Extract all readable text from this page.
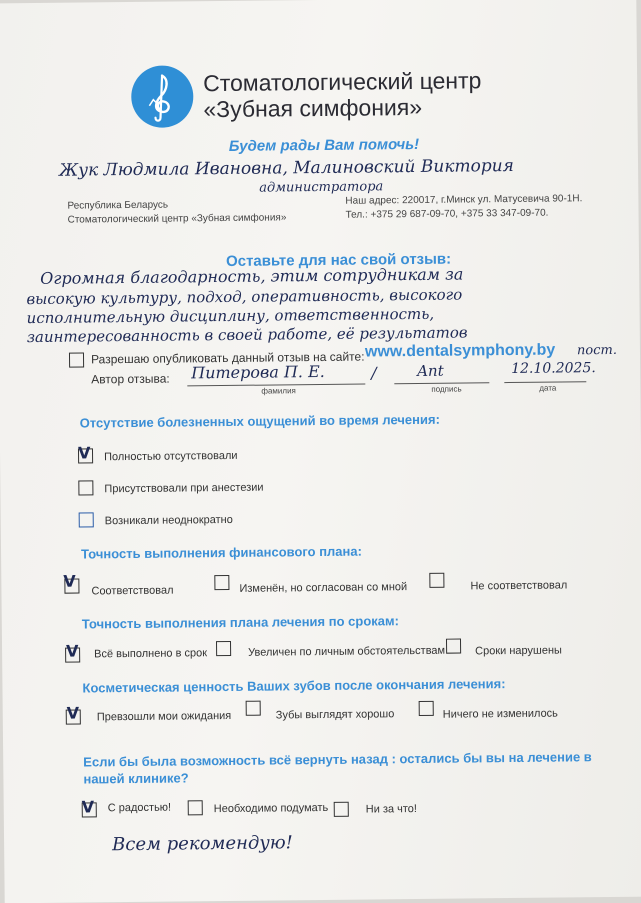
Стоматологический центр
«Зубная симфония»
Будем рады Вам помочь!
Жук Людмила Ивановна, Малиновский Виктория
администратора
Республика Беларусь
Стоматологический центр «Зубная симфония»
Наш адрес: 220017, г.Минск ул. Матусевича 90-1Н.
Тел.: +375 29 687-09-70, +375 33 347-09-70.
Оставьте для нас свой отзыв:
Огромная благодарность, этим сотрудникам за
высокую культуру, подход, оперативность, высокого
исполнительную дисциплину, ответственность,
заинтересованность в своей работе, её результатов
Разрешаю опубликовать данный отзыв на сайте: www.dentalsymphony.by пост.
Автор отзыва: Питерова П. Е.	/	Ant	12.10.2025.
фамилия	подпись	дата
Отсутствие болезненных ощущений во время лечения:
V Полностью отсутствовали
Присутствовали при анестезии
Возникали неоднократно
Точность выполнения финансового плана:
V
Соответствовал	Изменён, но согласован со мной	Не соответствовал
Точность выполнения плана лечения по срокам:
V Всё выполнено в срок	Увеличен по личным обстоятельствам	Сроки нарушены
Косметическая ценность Ваших зубов после окончания лечения:
V Превзошли мои ожидания	Зубы выглядят хорошо	Ничего не изменилось
Если бы была возможность всё вернуть назад : остались бы вы на лечение в
нашей клинике?
V С радостью!	Необходимо подумать	Ни за что!
Всем рекомендую!
